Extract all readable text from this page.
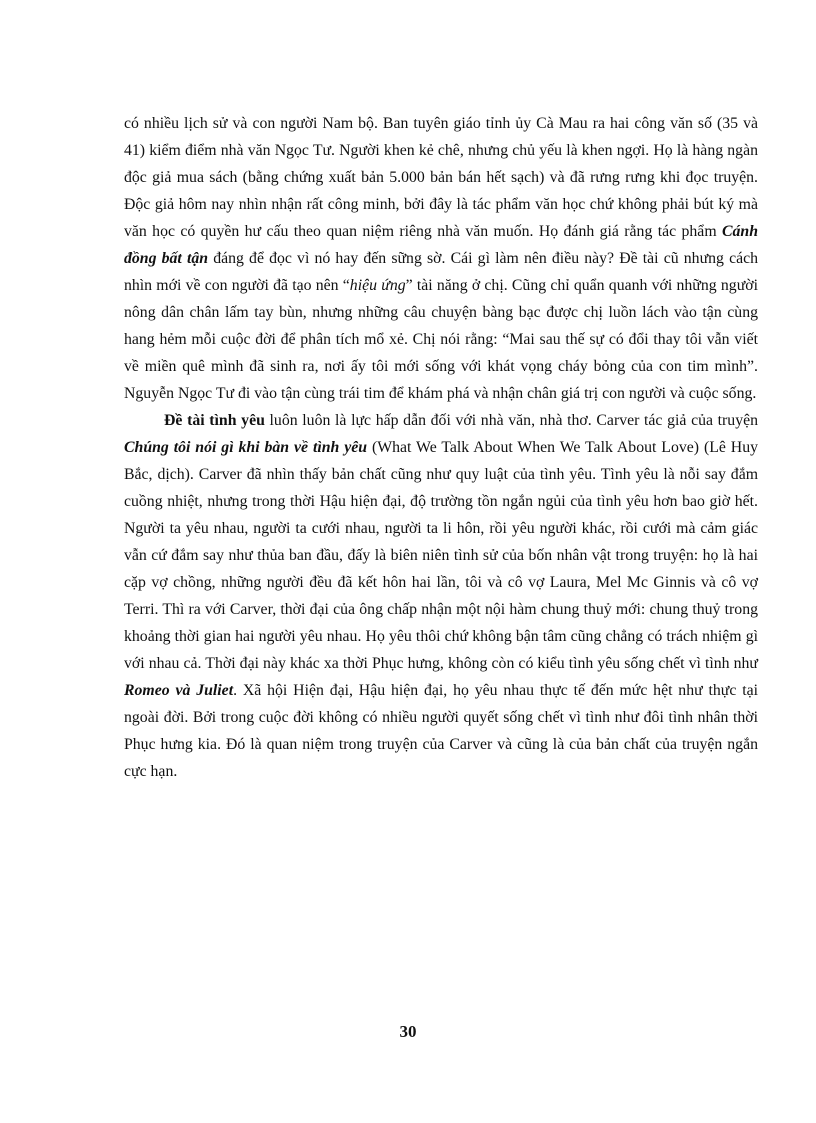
có nhiều lịch sử và con người Nam bộ. Ban tuyên giáo tỉnh ủy Cà Mau ra hai công văn số (35 và 41) kiểm điểm nhà văn Ngọc Tư. Người khen kẻ chê, nhưng chủ yếu là khen ngợi. Họ là hàng ngàn độc giả mua sách (bằng chứng xuất bản 5.000 bản bán hết sạch) và đã rưng rưng khi đọc truyện. Độc giả hôm nay nhìn nhận rất công minh, bởi đây là tác phẩm văn học chứ không phải bút ký mà văn học có quyền hư cấu theo quan niệm riêng nhà văn muốn. Họ đánh giá rằng tác phẩm Cánh đồng bất tận đáng để đọc vì nó hay đến sững sờ. Cái gì làm nên điều này? Đề tài cũ nhưng cách nhìn mới về con người đã tạo nên “hiệu ứng” tài năng ở chị. Cũng chỉ quẩn quanh với những người nông dân chân lấm tay bùn, nhưng những câu chuyện bàng bạc được chị luồn lách vào tận cùng hang hẻm mỗi cuộc đời để phân tích mổ xẻ. Chị nói rằng: “Mai sau thế sự có đổi thay tôi vẫn viết về miền quê mình đã sinh ra, nơi ấy tôi mới sống với khát vọng cháy bỏng của con tim mình”. Nguyễn Ngọc Tư đi vào tận cùng trái tim để khám phá và nhận chân giá trị con người và cuộc sống.

Đề tài tình yêu luôn luôn là lực hấp dẫn đối với nhà văn, nhà thơ. Carver tác giả của truyện Chúng tôi nói gì khi bàn về tình yêu (What We Talk About When We Talk About Love) (Lê Huy Bắc, dịch). Carver đã nhìn thấy bản chất cũng như quy luật của tình yêu. Tình yêu là nỗi say đắm cuồng nhiệt, nhưng trong thời Hậu hiện đại, độ trường tồn ngắn ngủi của tình yêu hơn bao giờ hết. Người ta yêu nhau, người ta cưới nhau, người ta li hôn, rồi yêu người khác, rồi cưới mà cảm giác vẫn cứ đắm say như thủa ban đầu, đấy là biên niên tình sử của bốn nhân vật trong truyện: họ là hai cặp vợ chồng, những người đều đã kết hôn hai lần, tôi và cô vợ Laura, Mel Mc Ginnis và cô vợ Terri. Thì ra với Carver, thời đại của ông chấp nhận một nội hàm chung thuỷ mới: chung thuỷ trong khoảng thời gian hai người yêu nhau. Họ yêu thôi chứ không bận tâm cũng chẳng có trách nhiệm gì với nhau cả. Thời đại này khác xa thời Phục hưng, không còn có kiểu tình yêu sống chết vì tình như Romeo và Juliet. Xã hội Hiện đại, Hậu hiện đại, họ yêu nhau thực tế đến mức hệt như thực tại ngoài đời. Bởi trong cuộc đời không có nhiều người quyết sống chết vì tình như đôi tình nhân thời Phục hưng kia. Đó là quan niệm trong truyện của Carver và cũng là của bản chất của truyện ngắn cực hạn.

30
